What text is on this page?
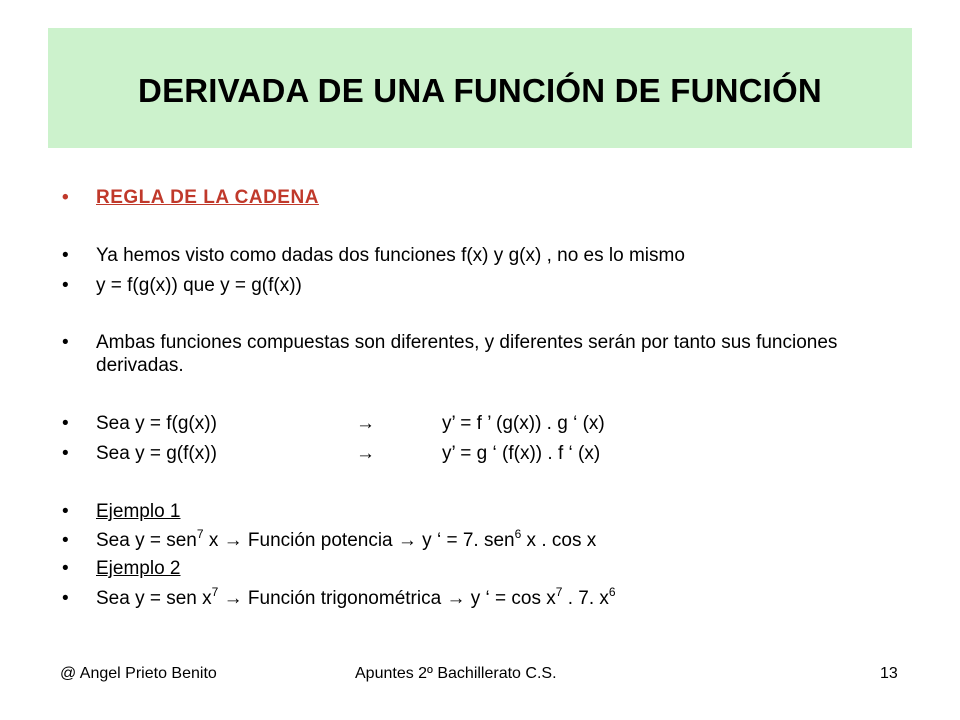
DERIVADA DE UNA FUNCIÓN DE FUNCIÓN
• REGLA DE LA CADENA
• Ya hemos visto como dadas dos funciones f(x) y g(x) , no es lo mismo
• y = f(g(x)) que y = g(f(x))
• Ambas funciones compuestas son diferentes, y diferentes serán por tanto sus funciones derivadas.
• Sea y = f(g(x))	→	y’ = f ’ (g(x)) . g ‘ (x)
• Sea y = g(f(x))	→	y’ = g ‘ (f(x)) . f ‘ (x)
• Ejemplo 1
• Sea y = sen$^7$ x → Función potencia → y ‘ = 7. sen$^6$ x . cos x
• Ejemplo 2
• Sea y = sen $x^7$ → Función trigonométrica → y ‘ = $\cos x^7$ . 7. $x^6$
@ Angel Prieto Benito	Apuntes 2º Bachillerato C.S.	13
